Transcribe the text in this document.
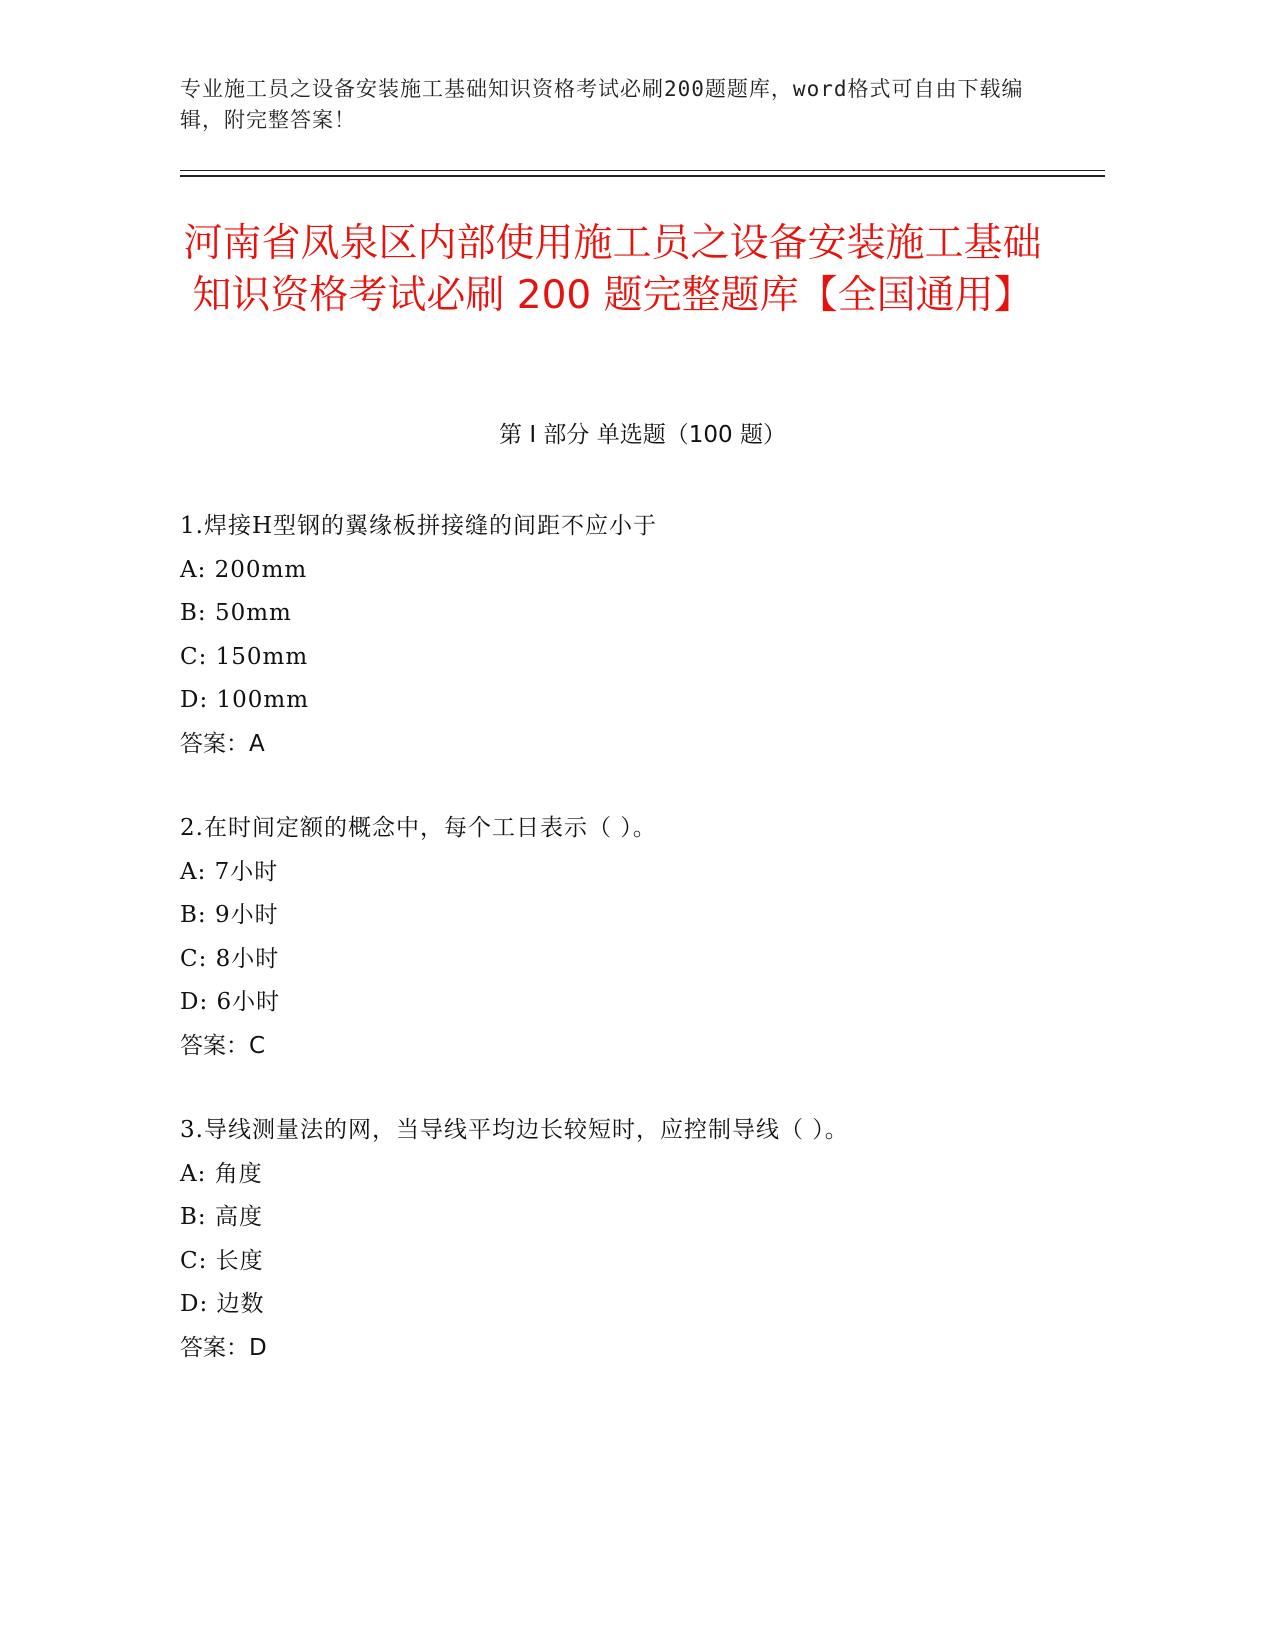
专业施工员之设备安装施工基础知识资格考试必刷200题题库，word格式可自由下载编辑，附完整答案！
河南省凤泉区内部使用施工员之设备安装施工基础知识资格考试必刷 200 题完整题库【全国通用】
第 I 部分 单选题（100 题）
1.焊接H型钢的翼缘板拼接缝的间距不应小于
A: 200mm
B: 50mm
C: 150mm
D: 100mm
答案：A
2.在时间定额的概念中，每个工日表示（ ）。
A: 7小时
B: 9小时
C: 8小时
D: 6小时
答案：C
3.导线测量法的网，当导线平均边长较短时，应控制导线（ ）。
A: 角度
B: 高度
C: 长度
D: 边数
答案：D
